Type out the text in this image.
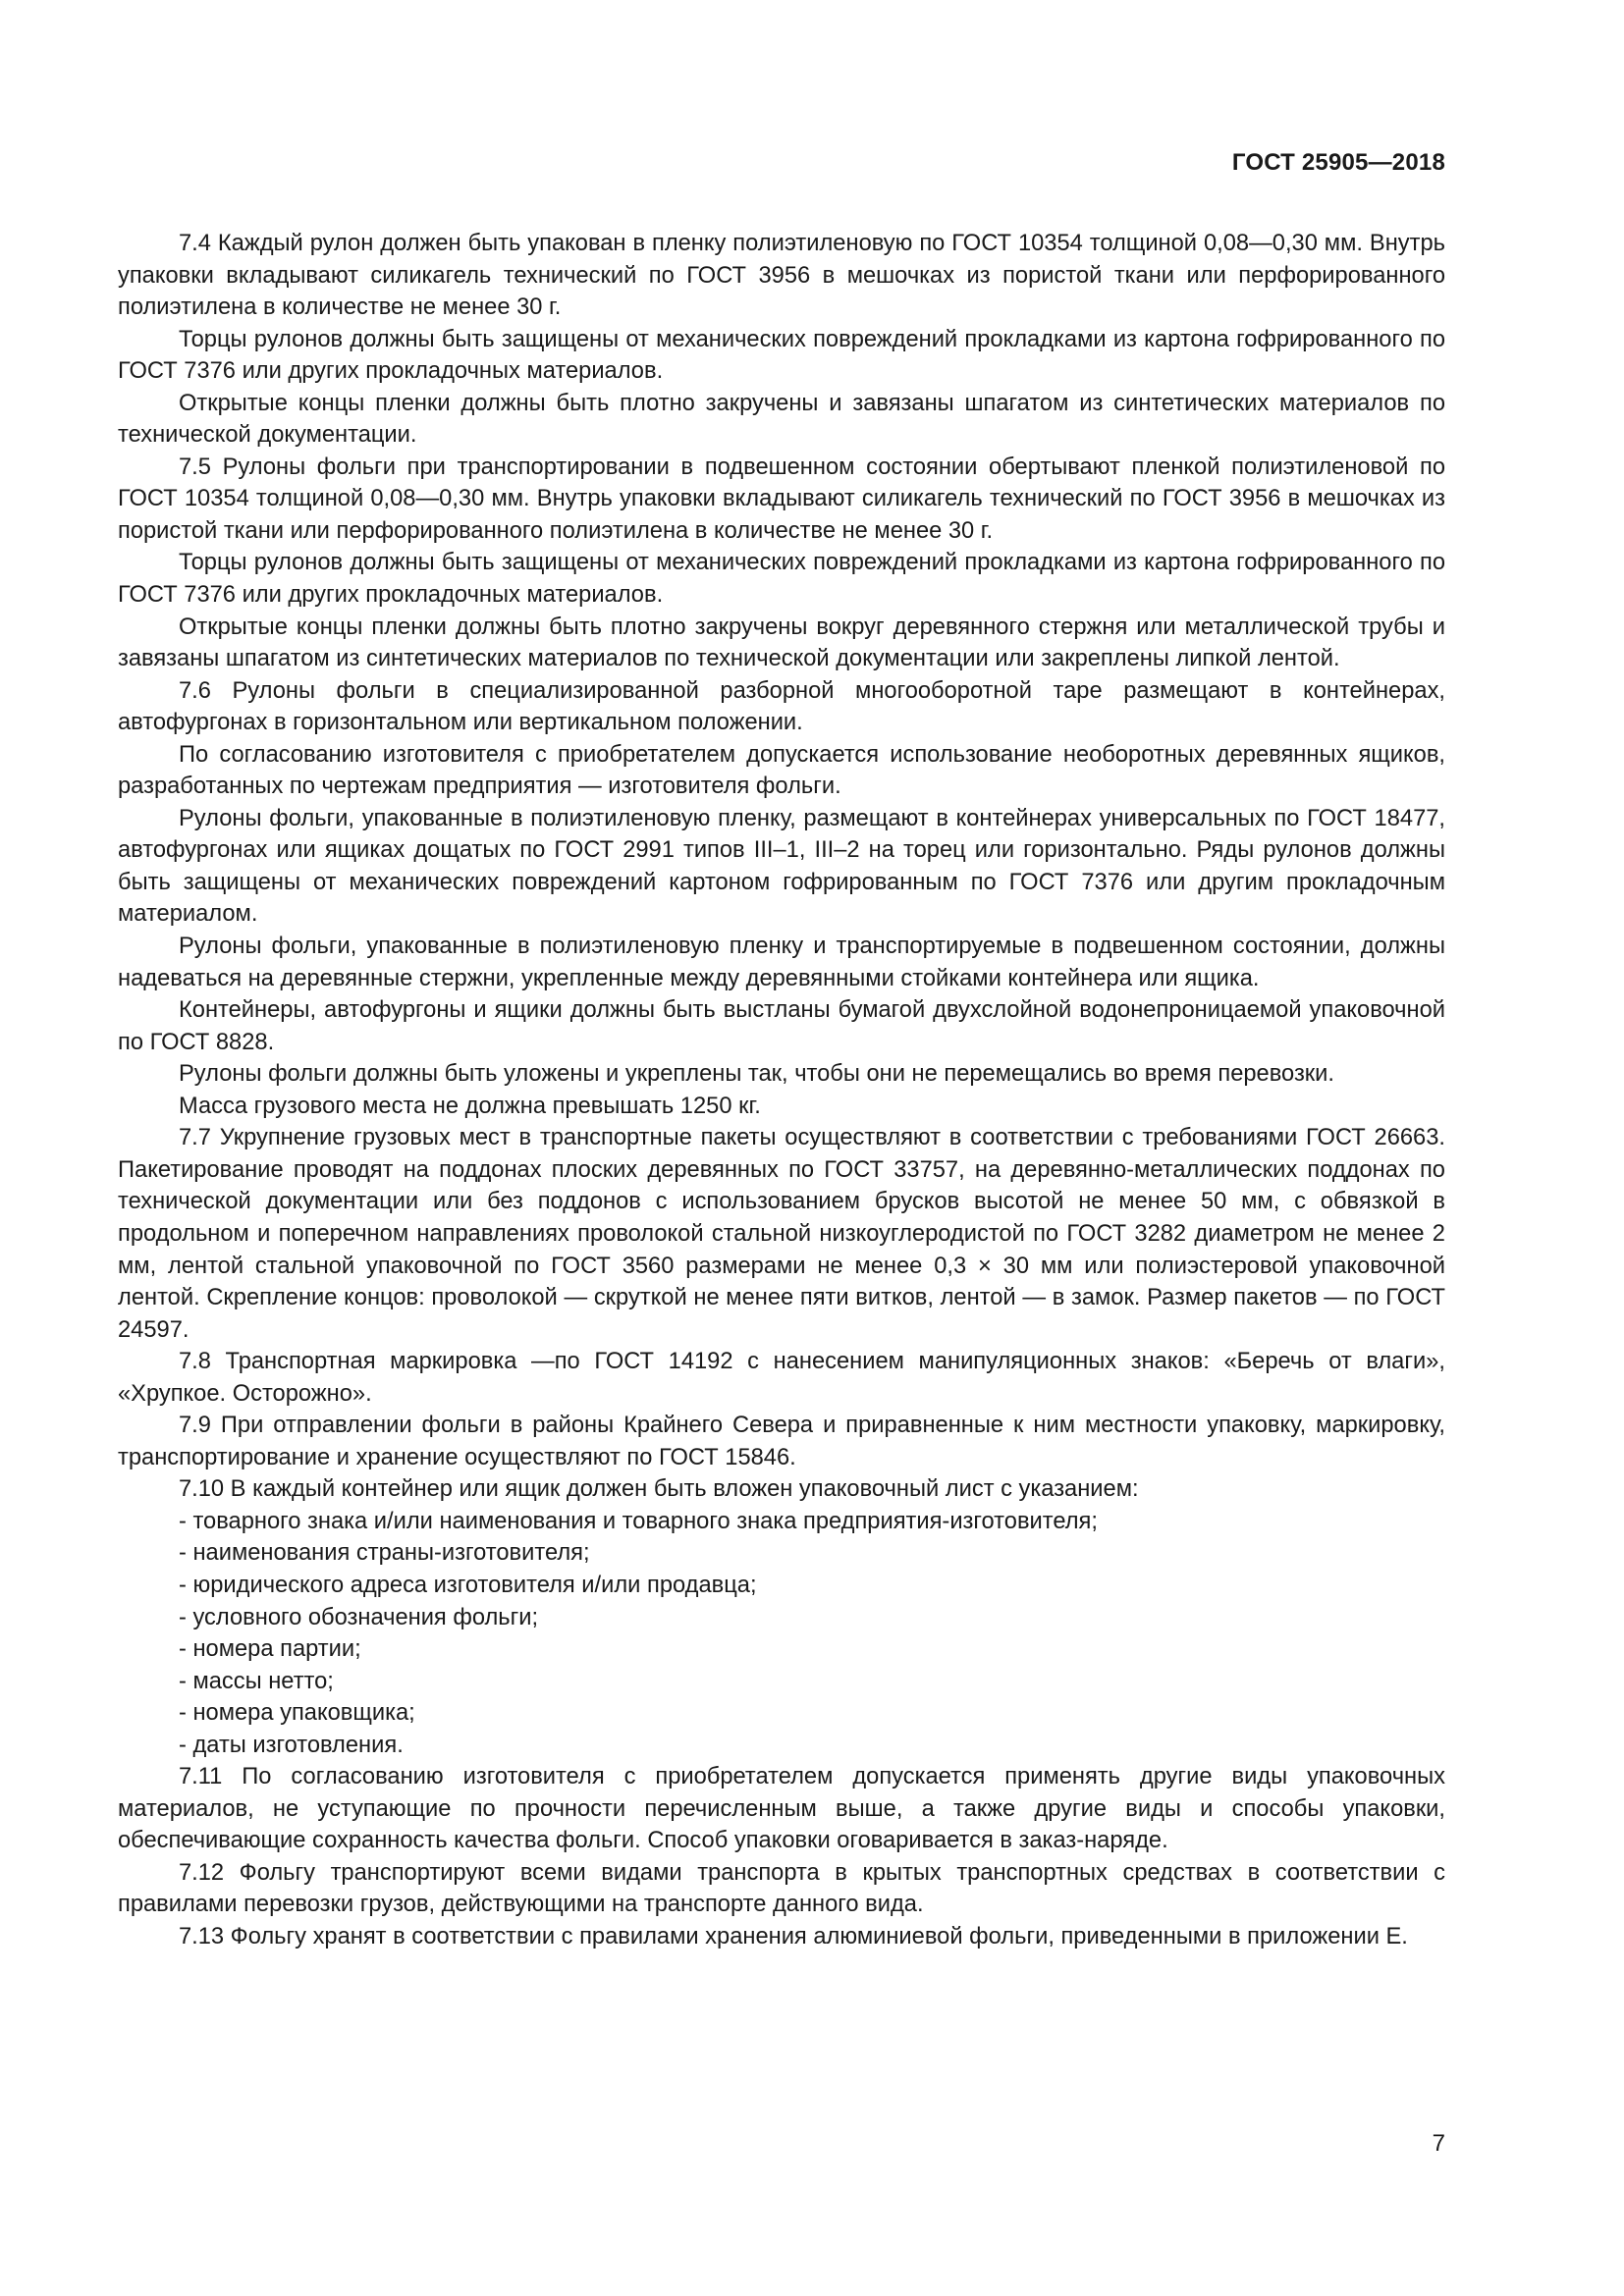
ГОСТ 25905—2018

7.4 Каждый рулон должен быть упакован в пленку полиэтиленовую по ГОСТ 10354 толщиной 0,08—0,30 мм. Внутрь упаковки вкладывают силикагель технический по ГОСТ 3956 в мешочках из пористой ткани или перфорированного полиэтилена в количестве не менее 30 г.

Торцы рулонов должны быть защищены от механических повреждений прокладками из картона гофрированного по ГОСТ 7376 или других прокладочных материалов.

Открытые концы пленки должны быть плотно закручены и завязаны шпагатом из синтетических материалов по технической документации.

7.5 Рулоны фольги при транспортировании в подвешенном состоянии обертывают пленкой полиэтиленовой по ГОСТ 10354 толщиной 0,08—0,30 мм. Внутрь упаковки вкладывают силикагель технический по ГОСТ 3956 в мешочках из пористой ткани или перфорированного полиэтилена в количестве не менее 30 г.

Торцы рулонов должны быть защищены от механических повреждений прокладками из картона гофрированного по ГОСТ 7376 или других прокладочных материалов.

Открытые концы пленки должны быть плотно закручены вокруг деревянного стержня или металлической трубы и завязаны шпагатом из синтетических материалов по технической документации или закреплены липкой лентой.

7.6 Рулоны фольги в специализированной разборной многооборотной таре размещают в контейнерах, автофургонах в горизонтальном или вертикальном положении.

По согласованию изготовителя с приобретателем допускается использование необоротных деревянных ящиков, разработанных по чертежам предприятия — изготовителя фольги.

Рулоны фольги, упакованные в полиэтиленовую пленку, размещают в контейнерах универсальных по ГОСТ 18477, автофургонах или ящиках дощатых по ГОСТ 2991 типов III–1, III–2 на торец или горизонтально. Ряды рулонов должны быть защищены от механических повреждений картоном гофрированным по ГОСТ 7376 или другим прокладочным материалом.

Рулоны фольги, упакованные в полиэтиленовую пленку и транспортируемые в подвешенном состоянии, должны надеваться на деревянные стержни, укрепленные между деревянными стойками контейнера или ящика.

Контейнеры, автофургоны и ящики должны быть выстланы бумагой двухслойной водонепроницаемой упаковочной по ГОСТ 8828.

Рулоны фольги должны быть уложены и укреплены так, чтобы они не перемещались во время перевозки.

Масса грузового места не должна превышать 1250 кг.

7.7 Укрупнение грузовых мест в транспортные пакеты осуществляют в соответствии с требованиями ГОСТ 26663. Пакетирование проводят на поддонах плоских деревянных по ГОСТ 33757, на деревянно-металлических поддонах по технической документации или без поддонов с использованием брусков высотой не менее 50 мм, с обвязкой в продольном и поперечном направлениях проволокой стальной низкоуглеродистой по ГОСТ 3282 диаметром не менее 2 мм, лентой стальной упаковочной по ГОСТ 3560 размерами не менее 0,3 × 30 мм или полиэстеровой упаковочной лентой. Скрепление концов: проволокой — скруткой не менее пяти витков, лентой — в замок. Размер пакетов — по ГОСТ 24597.

7.8 Транспортная маркировка —по ГОСТ 14192 с нанесением манипуляционных знаков: «Беречь от влаги», «Хрупкое. Осторожно».

7.9 При отправлении фольги в районы Крайнего Севера и приравненные к ним местности упаковку, маркировку, транспортирование и хранение осуществляют по ГОСТ 15846.

7.10 В каждый контейнер или ящик должен быть вложен упаковочный лист с указанием:

- товарного знака и/или наименования и товарного знака предприятия-изготовителя;

- наименования страны-изготовителя;

- юридического адреса изготовителя и/или продавца;

- условного обозначения фольги;

- номера партии;

- массы нетто;

- номера упаковщика;

- даты изготовления.

7.11 По согласованию изготовителя с приобретателем допускается применять другие виды упаковочных материалов, не уступающие по прочности перечисленным выше, а также другие виды и способы упаковки, обеспечивающие сохранность качества фольги. Способ упаковки оговаривается в заказ-наряде.

7.12 Фольгу транспортируют всеми видами транспорта в крытых транспортных средствах в соответствии с правилами перевозки грузов, действующими на транспорте данного вида.

7.13 Фольгу хранят в соответствии с правилами хранения алюминиевой фольги, приведенными в приложении Е.

7
